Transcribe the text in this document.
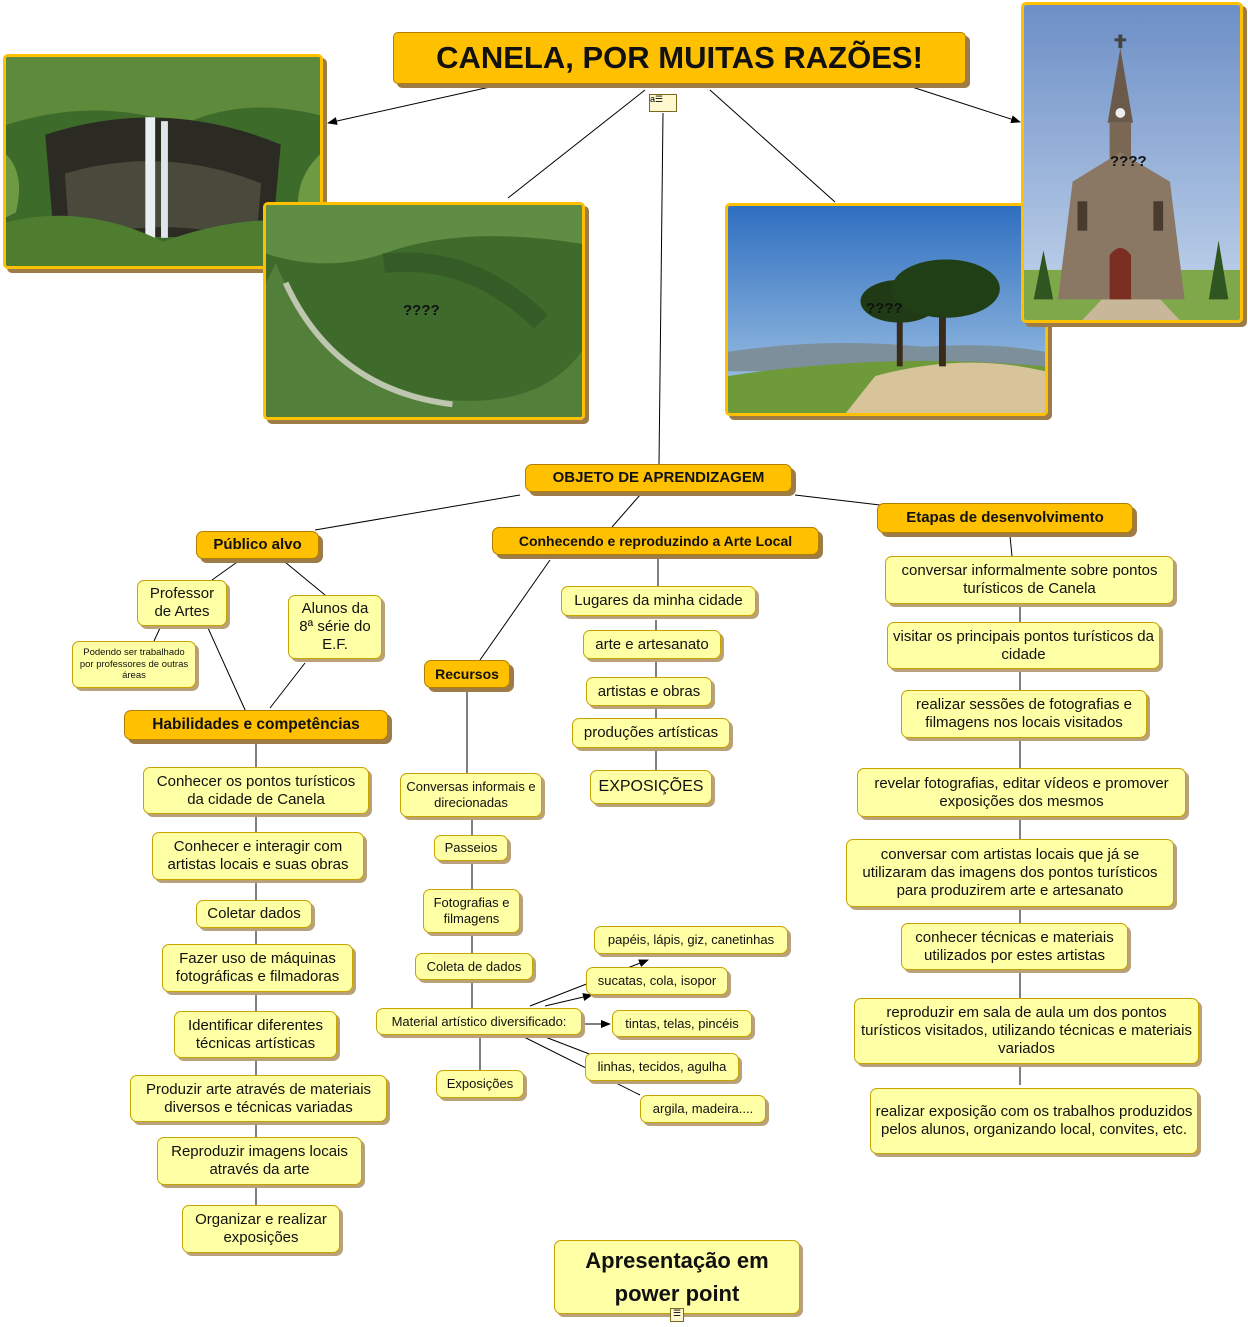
CANELA, POR MUITAS RAZÕES!
a☰
????	????
????
OBJETO DE APRENDIZAGEM
Público alvo
Professor de Artes
Podendo ser trabalhado por professores de outras áreas
Alunos da 8ª série do E.F.
Habilidades e competências
Conhecer os pontos turísticos da cidade de Canela
Conhecer e interagir com artistas locais e suas obras
Coletar dados
Fazer uso de máquinas fotográficas e filmadoras
Identificar diferentes técnicas artísticas
Produzir arte através de materiais diversos e técnicas variadas
Reproduzir imagens locais através da arte
Organizar e realizar exposições
Conhecendo e reproduzindo a Arte Local
Lugares da minha cidade
arte e artesanato
artistas e obras
produções artísticas
EXPOSIÇÕES
Recursos
Conversas informais e direcionadas
Passeios
Fotografias e filmagens
Coleta de dados
Material artístico diversificado:
Exposições
papéis, lápis, giz, canetinhas
sucatas, cola, isopor
tintas, telas, pincéis
linhas, tecidos, agulha
argila, madeira....
Etapas de desenvolvimento
conversar informalmente sobre pontos turísticos de Canela
visitar os principais pontos turísticos da cidade
realizar sessões de fotografias e filmagens nos locais visitados
revelar fotografias, editar vídeos e promover exposições dos mesmos
conversar com artistas locais que já se utilizaram das imagens dos pontos turísticos para produzirem arte e artesanato
conhecer técnicas e materiais utilizados por estes artistas
reproduzir em sala de aula um dos pontos turísticos visitados, utilizando técnicas e materiais variados
realizar exposição com os trabalhos produzidos pelos alunos, organizando local, convites, etc.
Apresentação em power point
☰
